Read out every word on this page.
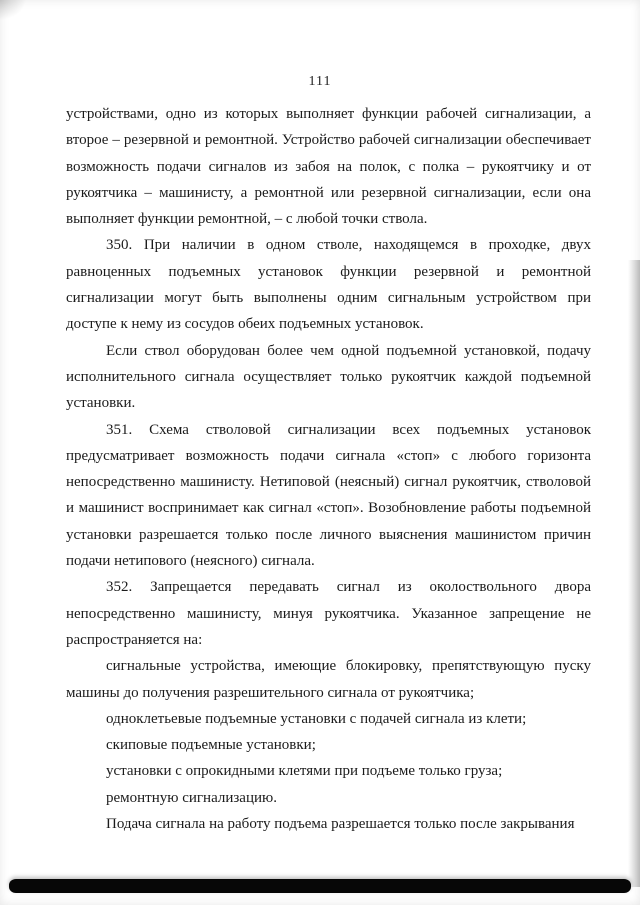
111

устройствами, одно из которых выполняет функции рабочей сигнализации, а второе – резервной и ремонтной. Устройство рабочей сигнализации обеспечивает возможность подачи сигналов из забоя на полок, с полка – рукоятчику и от рукоятчика – машинисту, а ремонтной или резервной сигнализации, если она выполняет функции ремонтной, – с любой точки ствола.

350. При наличии в одном стволе, находящемся в проходке, двух равноценных подъемных установок функции резервной и ремонтной сигнализации могут быть выполнены одним сигнальным устройством при доступе к нему из сосудов обеих подъемных установок.

Если ствол оборудован более чем одной подъемной установкой, подачу исполнительного сигнала осуществляет только рукоятчик каждой подъемной установки.

351. Схема стволовой сигнализации всех подъемных установок предусматривает возможность подачи сигнала «стоп» с любого горизонта непосредственно машинисту. Нетиповой (неясный) сигнал рукоятчик, стволовой и машинист воспринимает как сигнал «стоп». Возобновление работы подъемной установки разрешается только после личного выяснения машинистом причин подачи нетипового (неясного) сигнала.

352. Запрещается передавать сигнал из околоствольного двора непосредственно машинисту, минуя рукоятчика. Указанное запрещение не распространяется на:

сигнальные устройства, имеющие блокировку, препятствующую пуску машины до получения разрешительного сигнала от рукоятчика;

одноклетьевые подъемные установки с подачей сигнала из клети;

скиповые подъемные установки;

установки с опрокидными клетями при подъеме только груза;

ремонтную сигнализацию.

Подача сигнала на работу подъема разрешается только после закрывания
